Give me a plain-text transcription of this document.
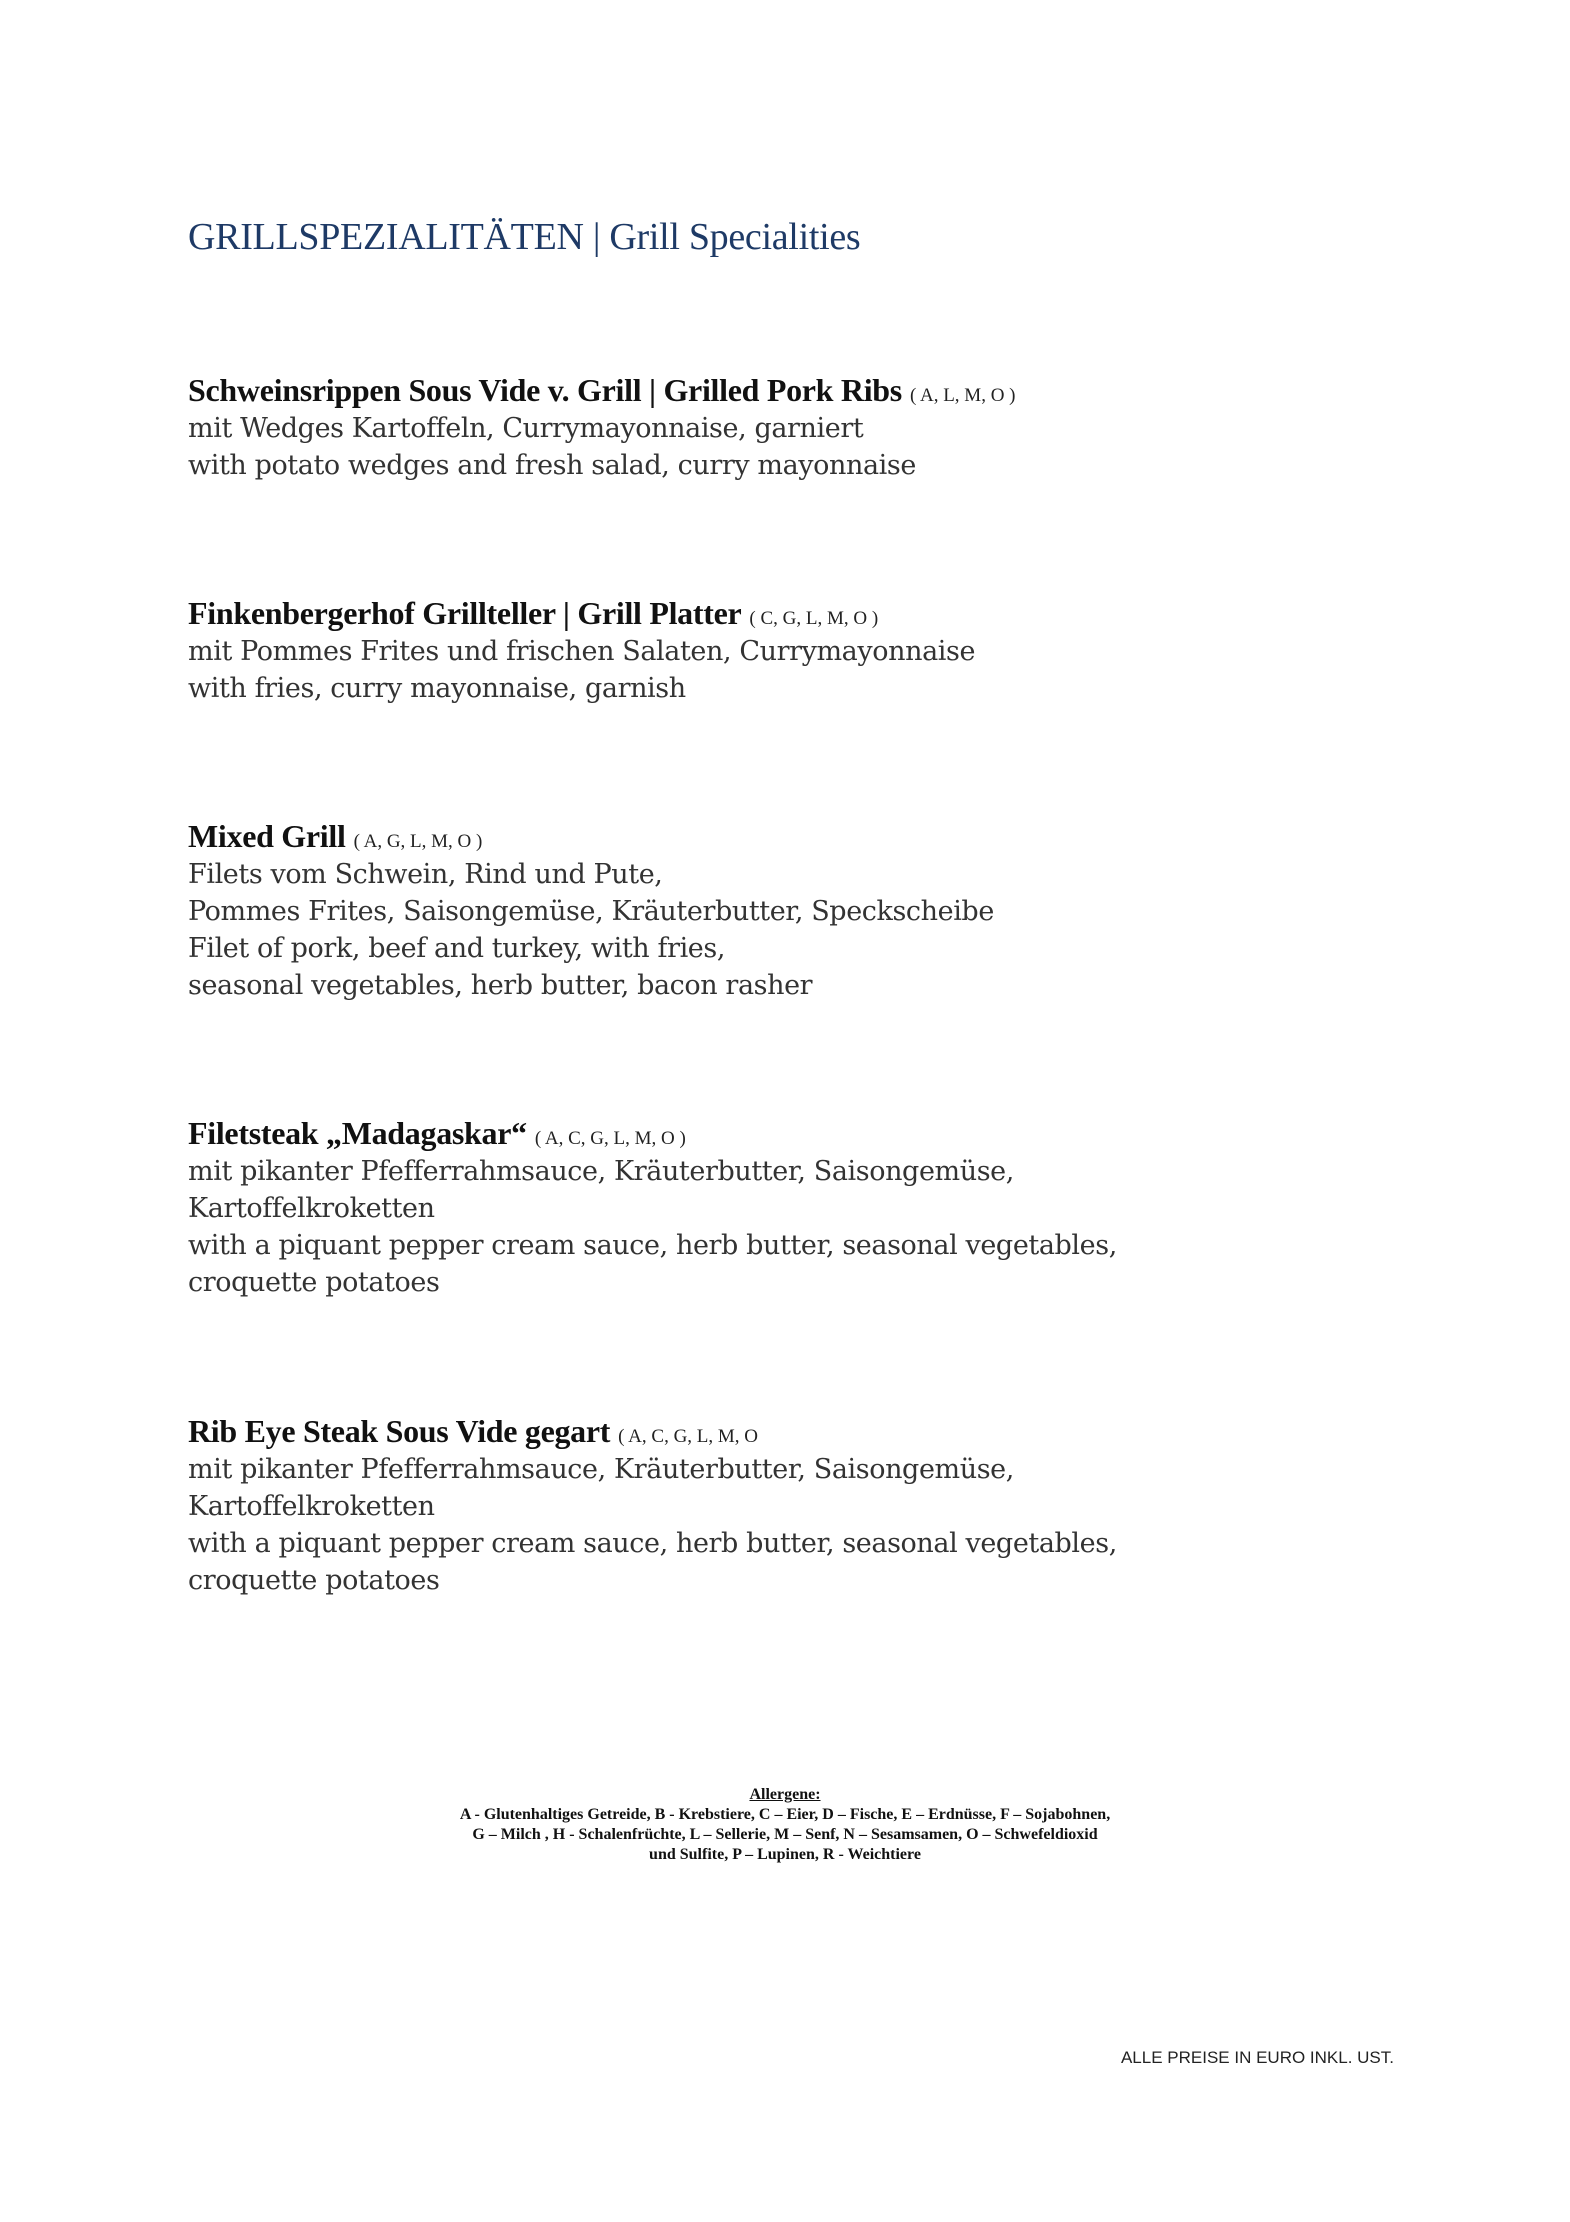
GRILLSPEZIALITÄTEN | Grill Specialities
Schweinsrippen Sous Vide v. Grill | Grilled Pork Ribs ( A, L, M, O )
mit Wedges Kartoffeln, Currymayonnaise, garniert
with potato wedges and fresh salad, curry mayonnaise
Finkenbergerhof Grillteller | Grill Platter ( C, G, L, M, O )
mit Pommes Frites und frischen Salaten, Currymayonnaise
with fries, curry mayonnaise, garnish
Mixed Grill ( A, G, L, M, O )
Filets vom Schwein, Rind und Pute,
Pommes Frites, Saisongemüse, Kräuterbutter, Speckscheibe
Filet of pork, beef and turkey, with fries,
seasonal vegetables, herb butter, bacon rasher
Filetsteak „Madagaskar“ ( A, C, G, L, M, O )
mit pikanter Pfefferrahmsauce, Kräuterbutter, Saisongemüse,
Kartoffelkroketten
with a piquant pepper cream sauce, herb butter, seasonal vegetables,
croquette potatoes
Rib Eye Steak Sous Vide gegart ( A, C, G, L, M, O
mit pikanter Pfefferrahmsauce, Kräuterbutter, Saisongemüse,
Kartoffelkroketten
with a piquant pepper cream sauce, herb butter, seasonal vegetables,
croquette potatoes
Allergene:
A - Glutenhaltiges Getreide, B - Krebstiere, C – Eier, D – Fische, E – Erdnüsse, F – Sojabohnen,
G – Milch , H - Schalenfrüchte, L – Sellerie, M – Senf, N – Sesamsamen, O – Schwefeldioxid
und Sulfite, P – Lupinen, R - Weichtiere
ALLE PREISE IN EURO INKL. UST.
